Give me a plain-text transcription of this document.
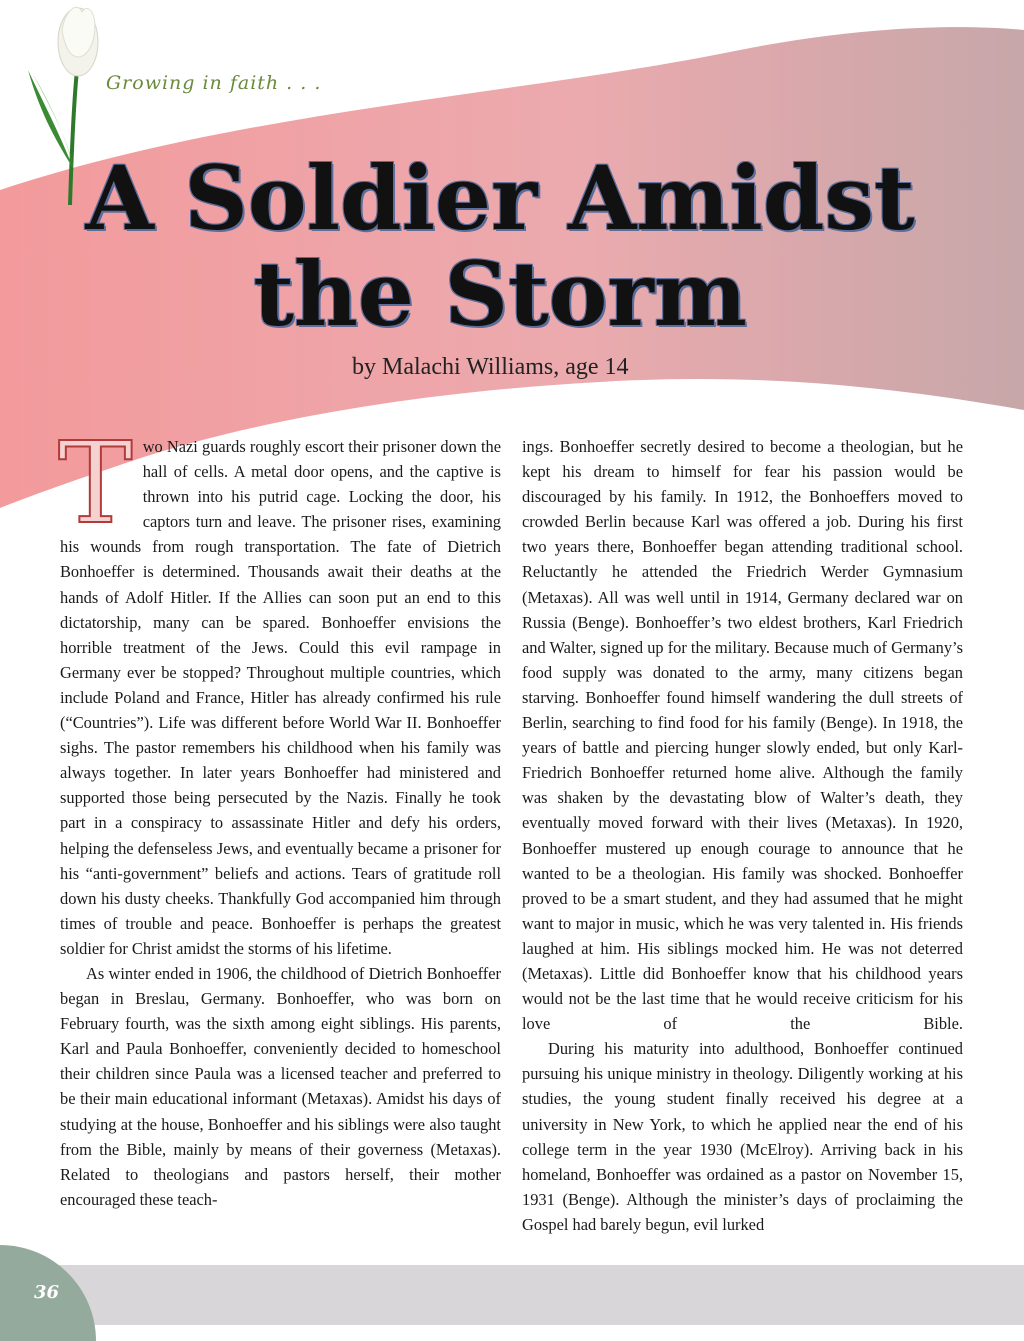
Growing in faith . . .
A Soldier Amidst
the Storm
by Malachi Williams, age 14

Two Nazi guards roughly escort their prisoner down the hall of cells. A metal door opens, and the captive is thrown into his putrid cage. Locking the door, his captors turn and leave. The prisoner rises, examining his wounds from rough transportation. The fate of Dietrich Bonhoeffer is determined. Thousands await their deaths at the hands of Adolf Hitler. If the Allies can soon put an end to this dictatorship, many can be spared. Bonhoeffer envisions the horrible treatment of the Jews. Could this evil rampage in Germany ever be stopped? Throughout multiple countries, which include Poland and France, Hitler has already confirmed his rule (“Countries”). Life was different before World War II. Bonhoeffer sighs. The pastor remembers his childhood when his family was always together. In later years Bonhoeffer had ministered and supported those being persecuted by the Nazis. Finally he took part in a conspiracy to assassinate Hitler and defy his orders, helping the defenseless Jews, and eventually became a prisoner for his “anti-government” beliefs and actions. Tears of gratitude roll down his dusty cheeks. Thankfully God accompanied him through times of trouble and peace. Bonhoeffer is perhaps the greatest soldier for Christ amidst the storms of his lifetime.

As winter ended in 1906, the childhood of Dietrich Bonhoeffer began in Breslau, Germany. Bonhoeffer, who was born on February fourth, was the sixth among eight siblings. His parents, Karl and Paula Bonhoeffer, conveniently decided to homeschool their children since Paula was a licensed teacher and preferred to be their main educational informant (Metaxas). Amidst his days of studying at the house, Bonhoeffer and his siblings were also taught from the Bible, mainly by means of their governess (Metaxas). Related to theologians and pastors herself, their mother encouraged these teach-

ings. Bonhoeffer secretly desired to become a theologian, but he kept his dream to himself for fear his passion would be discouraged by his family. In 1912, the Bonhoeffers moved to crowded Berlin because Karl was offered a job. During his first two years there, Bonhoeffer began attending traditional school. Reluctantly he attended the Friedrich Werder Gymnasium (Metaxas). All was well until in 1914, Germany declared war on Russia (Benge). Bonhoeffer’s two eldest brothers, Karl Friedrich and Walter, signed up for the military. Because much of Germany’s food supply was donated to the army, many citizens began starving. Bonhoeffer found himself wandering the dull streets of Berlin, searching to find food for his family (Benge). In 1918, the years of battle and piercing hunger slowly ended, but only Karl-Friedrich Bonhoeffer returned home alive. Although the family was shaken by the devastating blow of Walter’s death, they eventually moved forward with their lives (Metaxas). In 1920, Bonhoeffer mustered up enough courage to announce that he wanted to be a theologian. His family was shocked. Bonhoeffer proved to be a smart student, and they had assumed that he might want to major in music, which he was very talented in. His friends laughed at him. His siblings mocked him. He was not deterred (Metaxas). Little did Bonhoeffer know that his childhood years would not be the last time that he would receive criticism for his love of the Bible.

During his maturity into adulthood, Bonhoeffer continued pursuing his unique ministry in theology. Diligently working at his studies, the young student finally received his degree at a university in New York, to which he applied near the end of his college term in the year 1930 (McElroy). Arriving back in his homeland, Bonhoeffer was ordained as a pastor on November 15, 1931 (Benge). Although the minister’s days of proclaiming the Gospel had barely begun, evil lurked

36
